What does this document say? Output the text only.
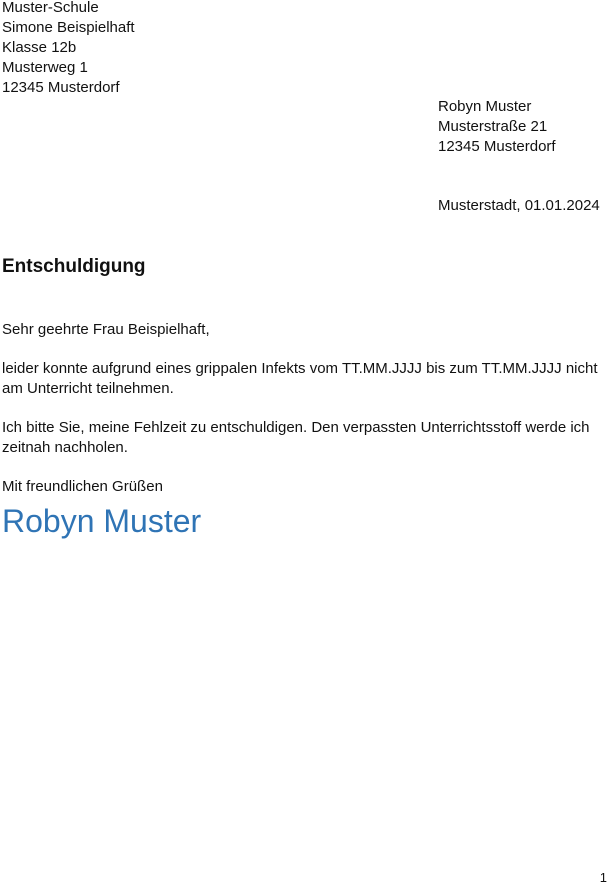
Muster-Schule
Simone Beispielhaft
Klasse 12b
Musterweg 1
12345 Musterdorf
Robyn Muster
Musterstraße 21
12345 Musterdorf
Musterstadt, 01.01.2024
Entschuldigung
Sehr geehrte Frau Beispielhaft,
leider konnte aufgrund eines grippalen Infekts vom TT.MM.JJJJ bis zum TT.MM.JJJJ nicht am Unterricht teilnehmen.
Ich bitte Sie, meine Fehlzeit zu entschuldigen. Den verpassten Unterrichtsstoff werde ich zeitnah nachholen.
Mit freundlichen Grüßen
Robyn Muster
1
